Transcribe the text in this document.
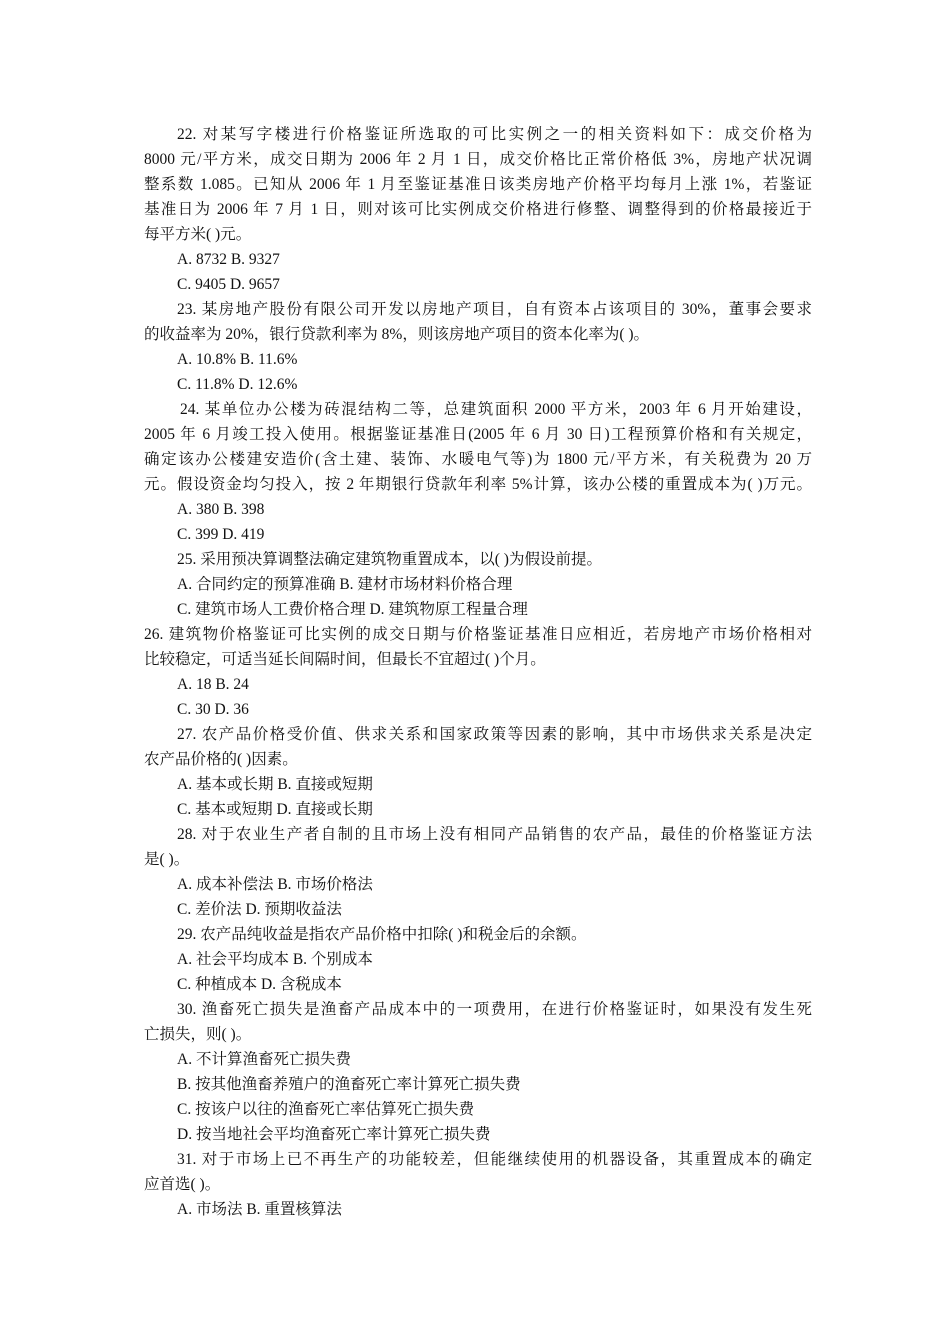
22. 对某写字楼进行价格鉴证所选取的可比实例之一的相关资料如下：成交价格为
8000 元/平方米，成交日期为 2006 年 2 月 1 日，成交价格比正常价格低 3%，房地产状况调
整系数 1.085。已知从 2006 年 1 月至鉴证基准日该类房地产价格平均每月上涨 1%，若鉴证
基准日为 2006 年 7 月 1 日，则对该可比实例成交价格进行修整、调整得到的价格最接近于
每平方米( )元。
A. 8732 B. 9327
C. 9405 D. 9657
23. 某房地产股份有限公司开发以房地产项目，自有资本占该项目的 30%，董事会要求
的收益率为 20%，银行贷款利率为 8%，则该房地产项目的资本化率为( )。
A. 10.8% B. 11.6%
C. 11.8% D. 12.6%
24. 某单位办公楼为砖混结构二等，总建筑面积 2000 平方米，2003 年 6 月开始建设，
2005 年 6 月竣工投入使用。根据鉴证基准日(2005 年 6 月 30 日)工程预算价格和有关规定，
确定该办公楼建安造价(含土建、装饰、水暖电气等)为 1800 元/平方米，有关税费为 20 万
元。假设资金均匀投入，按 2 年期银行贷款年利率 5%计算，该办公楼的重置成本为( )万元。
A. 380 B. 398
C. 399 D. 419
25. 采用预决算调整法确定建筑物重置成本，以( )为假设前提。
A. 合同约定的预算准确 B. 建材市场材料价格合理
C. 建筑市场人工费价格合理 D. 建筑物原工程量合理
26. 建筑物价格鉴证可比实例的成交日期与价格鉴证基准日应相近，若房地产市场价格相对
比较稳定，可适当延长间隔时间，但最长不宜超过( )个月。
A. 18 B. 24
C. 30 D. 36
27. 农产品价格受价值、供求关系和国家政策等因素的影响，其中市场供求关系是决定
农产品价格的( )因素。
A. 基本或长期 B. 直接或短期
C. 基本或短期 D. 直接或长期
28. 对于农业生产者自制的且市场上没有相同产品销售的农产品，最佳的价格鉴证方法
是( )。
A. 成本补偿法 B. 市场价格法
C. 差价法 D. 预期收益法
29. 农产品纯收益是指农产品价格中扣除( )和税金后的余额。
A. 社会平均成本 B. 个别成本
C. 种植成本 D. 含税成本
30. 渔畜死亡损失是渔畜产品成本中的一项费用，在进行价格鉴证时，如果没有发生死
亡损失，则( )。
A. 不计算渔畜死亡损失费
B. 按其他渔畜养殖户的渔畜死亡率计算死亡损失费
C. 按该户以往的渔畜死亡率估算死亡损失费
D. 按当地社会平均渔畜死亡率计算死亡损失费
31. 对于市场上已不再生产的功能较差，但能继续使用的机器设备，其重置成本的确定
应首选( )。
A. 市场法 B. 重置核算法
